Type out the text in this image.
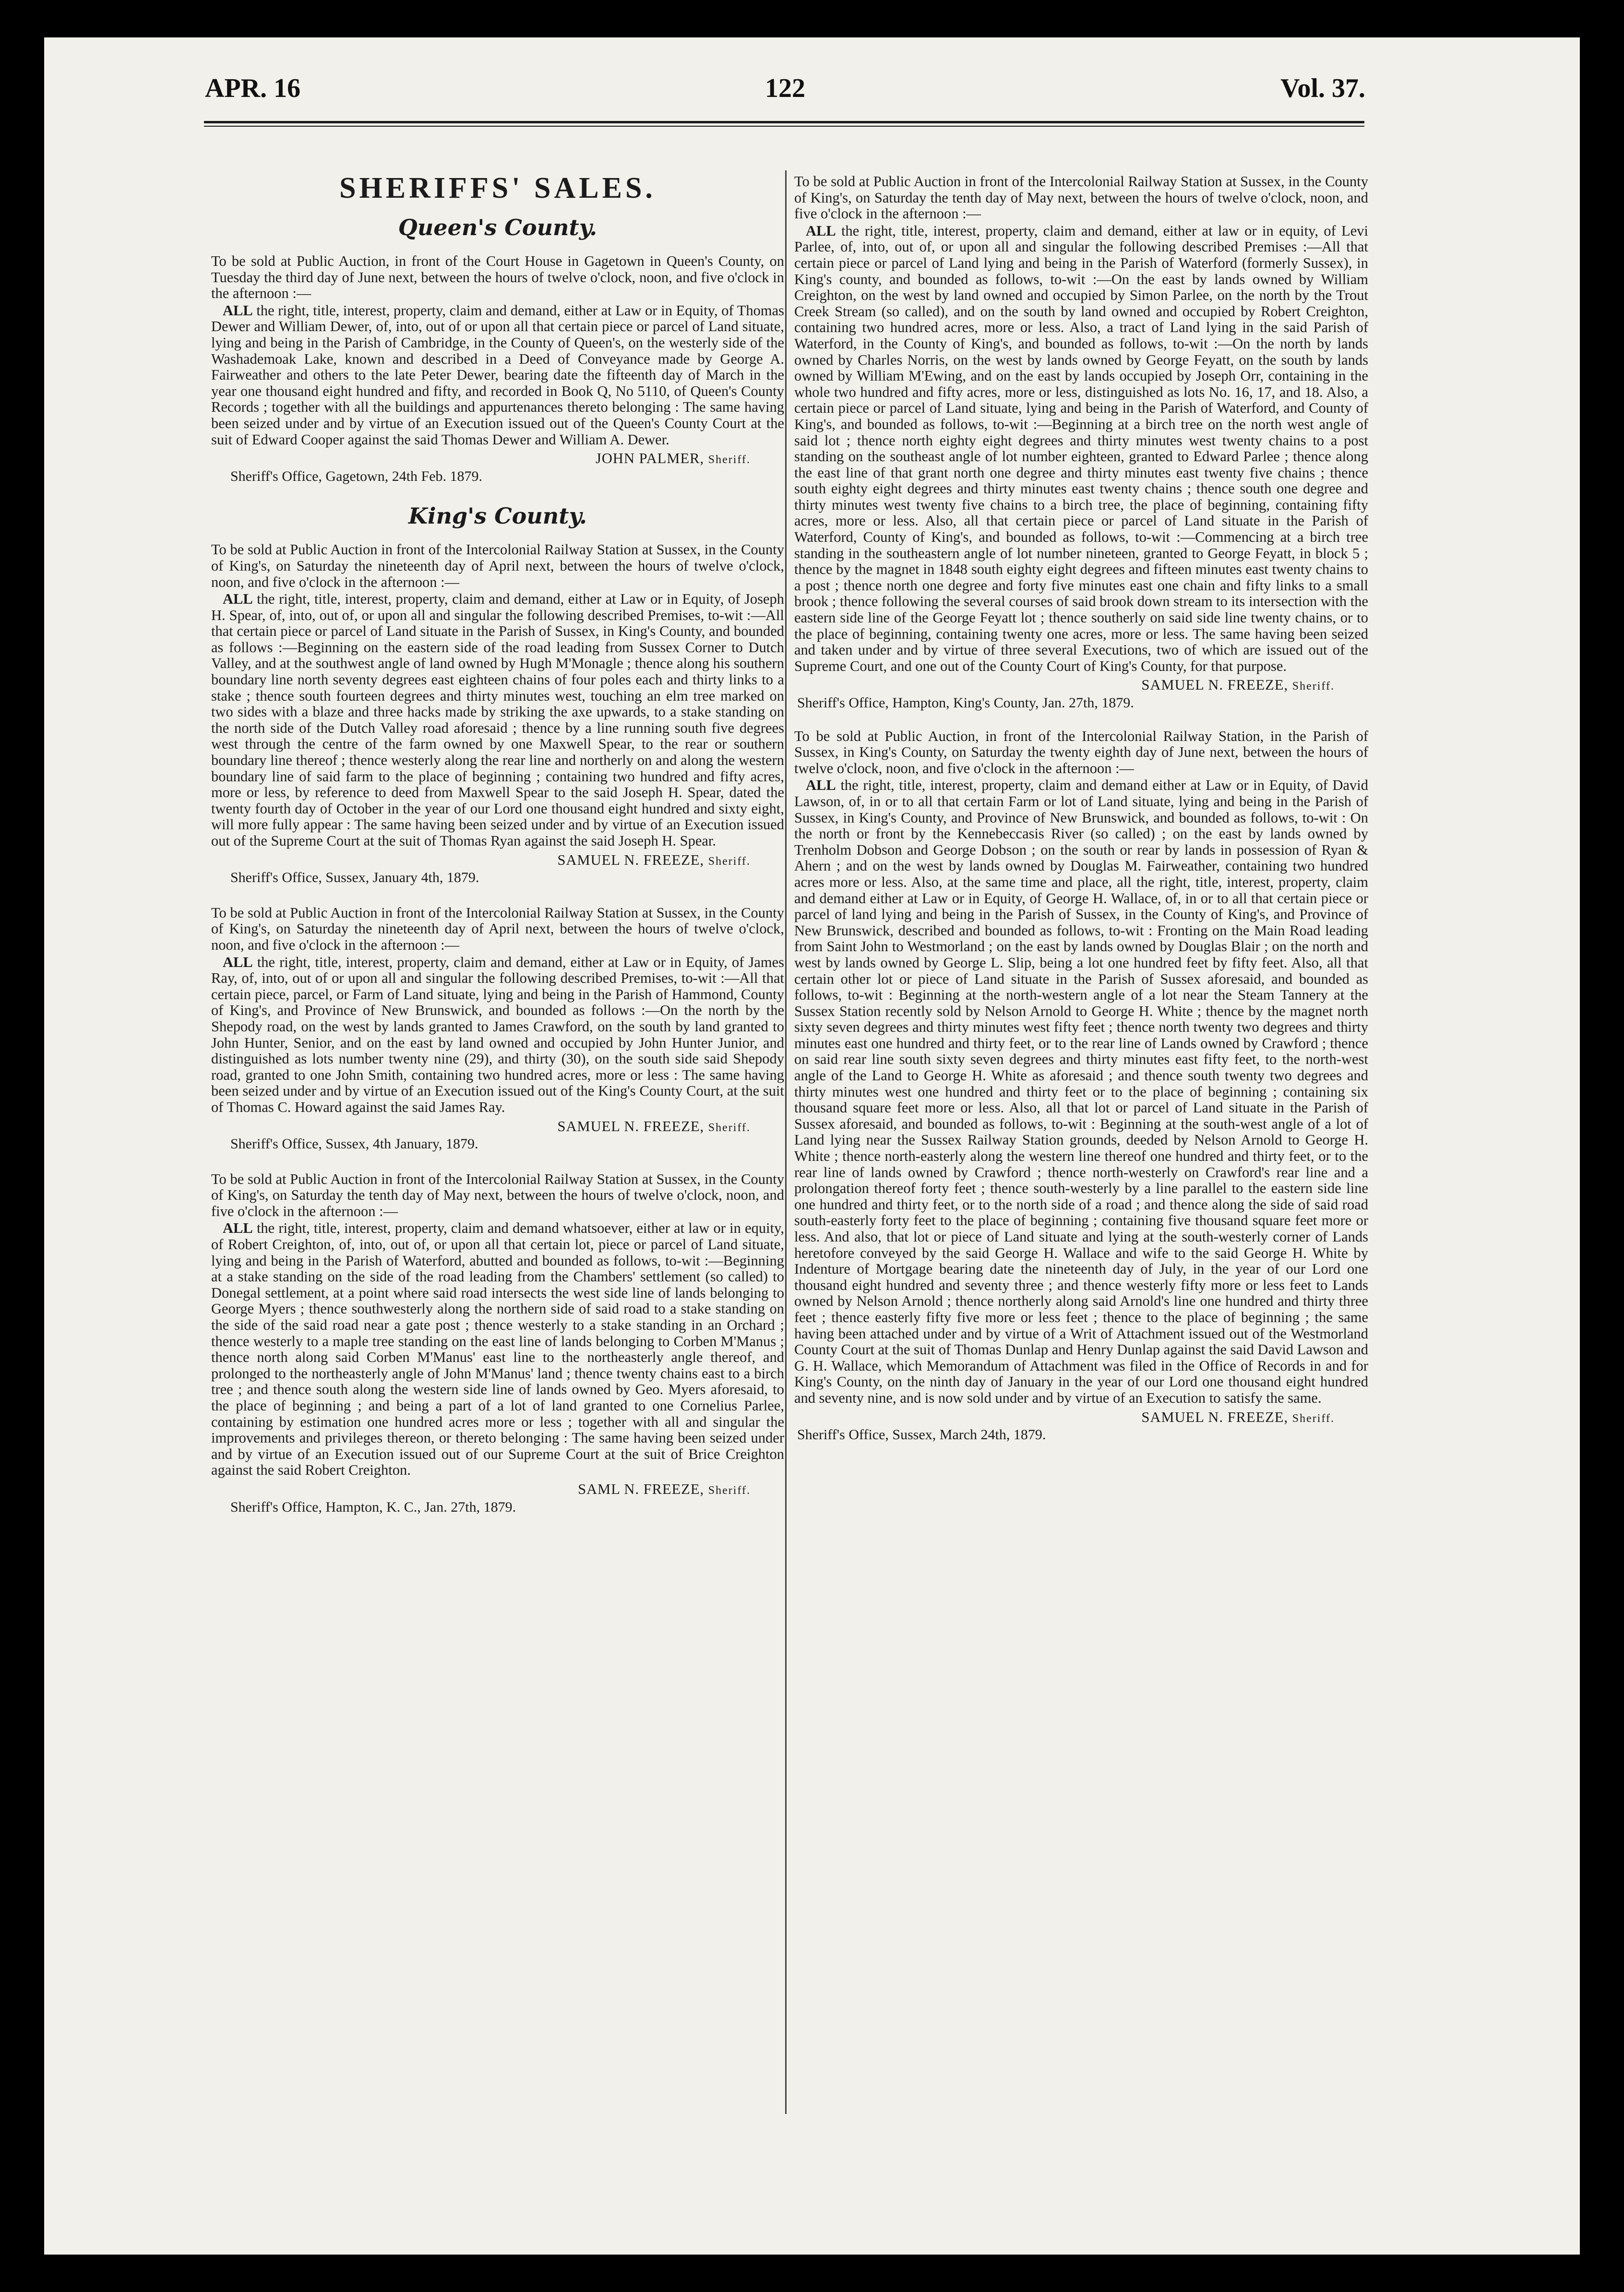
APR. 16	122	Vol. 37.
SHERIFFS' SALES.
Queen's County.
To be sold at Public Auction, in front of the Court House in Gagetown in Queen's County, on Tuesday the third day of June next, between the hours of twelve o'clock, noon, and five o'clock in the afternoon :—
ALL the right, title, interest, property, claim and demand, either at Law or in Equity, of Thomas Dewer and William Dewer, of, into, out of or upon all that certain piece or parcel of Land situate, lying and being in the Parish of Cambridge, in the County of Queen's, on the westerly side of the Washademoak Lake, known and described in a Deed of Conveyance made by George A. Fairweather and others to the late Peter Dewer, bearing date the fifteenth day of March in the year one thousand eight hundred and fifty, and recorded in Book Q, No 5110, of Queen's County Records ; together with all the buildings and appurtenances thereto belonging : The same having been seized under and by virtue of an Execution issued out of the Queen's County Court at the suit of Edward Cooper against the said Thomas Dewer and William A. Dewer.
JOHN PALMER, Sheriff.
Sheriff's Office, Gagetown, 24th Feb. 1879.
King's County.
To be sold at Public Auction in front of the Intercolonial Railway Station at Sussex, in the County of King's, on Saturday the nineteenth day of April next, between the hours of twelve o'clock, noon, and five o'clock in the afternoon :—
ALL the right, title, interest, property, claim and demand, either at Law or in Equity, of Joseph H. Spear, of, into, out of, or upon all and singular the following described Premises, to-wit :—All that certain piece or parcel of Land situate in the Parish of Sussex, in King's County, and bounded as follows :—Beginning on the eastern side of the road leading from Sussex Corner to Dutch Valley, and at the southwest angle of land owned by Hugh M'Monagle ; thence along his southern boundary line north seventy degrees east eighteen chains of four poles each and thirty links to a stake ; thence south fourteen degrees and thirty minutes west, touching an elm tree marked on two sides with a blaze and three hacks made by striking the axe upwards, to a stake standing on the north side of the Dutch Valley road aforesaid ; thence by a line running south five degrees west through the centre of the farm owned by one Maxwell Spear, to the rear or southern boundary line thereof ; thence westerly along the rear line and northerly on and along the western boundary line of said farm to the place of beginning ; containing two hundred and fifty acres, more or less, by reference to deed from Maxwell Spear to the said Joseph H. Spear, dated the twenty fourth day of October in the year of our Lord one thousand eight hundred and sixty eight, will more fully appear : The same having been seized under and by virtue of an Execution issued out of the Supreme Court at the suit of Thomas Ryan against the said Joseph H. Spear.
SAMUEL N. FREEZE, Sheriff.
Sheriff's Office, Sussex, January 4th, 1879.
To be sold at Public Auction in front of the Intercolonial Railway Station at Sussex, in the County of King's, on Saturday the nineteenth day of April next, between the hours of twelve o'clock, noon, and five o'clock in the afternoon :—
ALL the right, title, interest, property, claim and demand, either at Law or in Equity, of James Ray, of, into, out of or upon all and singular the following described Premises, to-wit :—All that certain piece, parcel, or Farm of Land situate, lying and being in the Parish of Hammond, County of King's, and Province of New Brunswick, and bounded as follows :—On the north by the Shepody road, on the west by lands granted to James Crawford, on the south by land granted to John Hunter, Senior, and on the east by land owned and occupied by John Hunter Junior, and distinguished as lots number twenty nine (29), and thirty (30), on the south side said Shepody road, granted to one John Smith, containing two hundred acres, more or less : The same having been seized under and by virtue of an Execution issued out of the King's County Court, at the suit of Thomas C. Howard against the said James Ray.
SAMUEL N. FREEZE, Sheriff.
Sheriff's Office, Sussex, 4th January, 1879.
To be sold at Public Auction in front of the Intercolonial Railway Station at Sussex, in the County of King's, on Saturday the tenth day of May next, between the hours of twelve o'clock, noon, and five o'clock in the afternoon :—
ALL the right, title, interest, property, claim and demand whatsoever, either at law or in equity, of Robert Creighton, of, into, out of, or upon all that certain lot, piece or parcel of Land situate, lying and being in the Parish of Waterford, abutted and bounded as follows, to-wit :—Beginning at a stake standing on the side of the road leading from the Chambers' settlement (so called) to Donegal settlement, at a point where said road intersects the west side line of lands belonging to George Myers ; thence southwesterly along the northern side of said road to a stake standing on the side of the said road near a gate post ; thence westerly to a stake standing in an Orchard ; thence westerly to a maple tree standing on the east line of lands belonging to Corben M'Manus ; thence north along said Corben M'Manus' east line to the northeasterly angle thereof, and prolonged to the northeasterly angle of John M'Manus' land ; thence twenty chains east to a birch tree ; and thence south along the western side line of lands owned by Geo. Myers aforesaid, to the place of beginning ; and being a part of a lot of land granted to one Cornelius Parlee, containing by estimation one hundred acres more or less ; together with all and singular the improvements and privileges thereon, or thereto belonging : The same having been seized under and by virtue of an Execution issued out of our Supreme Court at the suit of Brice Creighton against the said Robert Creighton.
SAML N. FREEZE, Sheriff.
Sheriff's Office, Hampton, K. C., Jan. 27th, 1879.
To be sold at Public Auction in front of the Intercolonial Railway Station at Sussex, in the County of King's, on Saturday the tenth day of May next, between the hours of twelve o'clock, noon, and five o'clock in the afternoon :—
ALL the right, title, interest, property, claim and demand, either at law or in equity, of Levi Parlee, of, into, out of, or upon all and singular the following described Premises :—All that certain piece or parcel of Land lying and being in the Parish of Waterford (formerly Sussex), in King's county, and bounded as follows, to-wit :—On the east by lands owned by William Creighton, on the west by land owned and occupied by Simon Parlee, on the north by the Trout Creek Stream (so called), and on the south by land owned and occupied by Robert Creighton, containing two hundred acres, more or less. Also, a tract of Land lying in the said Parish of Waterford, in the County of King's, and bounded as follows, to-wit :—On the north by lands owned by Charles Norris, on the west by lands owned by George Feyatt, on the south by lands owned by William M'Ewing, and on the east by lands occupied by Joseph Orr, containing in the whole two hundred and fifty acres, more or less, distinguished as lots No. 16, 17, and 18. Also, a certain piece or parcel of Land situate, lying and being in the Parish of Waterford, and County of King's, and bounded as follows, to-wit :—Beginning at a birch tree on the north west angle of said lot ; thence north eighty eight degrees and thirty minutes west twenty chains to a post standing on the southeast angle of lot number eighteen, granted to Edward Parlee ; thence along the east line of that grant north one degree and thirty minutes east twenty five chains ; thence south eighty eight degrees and thirty minutes east twenty chains ; thence south one degree and thirty minutes west twenty five chains to a birch tree, the place of beginning, containing fifty acres, more or less. Also, all that certain piece or parcel of Land situate in the Parish of Waterford, County of King's, and bounded as follows, to-wit :—Commencing at a birch tree standing in the southeastern angle of lot number nineteen, granted to George Feyatt, in block 5 ; thence by the magnet in 1848 south eighty eight degrees and fifteen minutes east twenty chains to a post ; thence north one degree and forty five minutes east one chain and fifty links to a small brook ; thence following the several courses of said brook down stream to its intersection with the eastern side line of the George Feyatt lot ; thence southerly on said side line twenty chains, or to the place of beginning, containing twenty one acres, more or less. The same having been seized and taken under and by virtue of three several Executions, two of which are issued out of the Supreme Court, and one out of the County Court of King's County, for that purpose.
SAMUEL N. FREEZE, Sheriff.
Sheriff's Office, Hampton, King's County, Jan. 27th, 1879.
To be sold at Public Auction, in front of the Intercolonial Railway Station, in the Parish of Sussex, in King's County, on Saturday the twenty eighth day of June next, between the hours of twelve o'clock, noon, and five o'clock in the afternoon :—
ALL the right, title, interest, property, claim and demand either at Law or in Equity, of David Lawson, of, in or to all that certain Farm or lot of Land situate, lying and being in the Parish of Sussex, in King's County, and Province of New Brunswick, and bounded as follows, to-wit : On the north or front by the Kennebeccasis River (so called) ; on the east by lands owned by Trenholm Dobson and George Dobson ; on the south or rear by lands in possession of Ryan & Ahern ; and on the west by lands owned by Douglas M. Fairweather, containing two hundred acres more or less. Also, at the same time and place, all the right, title, interest, property, claim and demand either at Law or in Equity, of George H. Wallace, of, in or to all that certain piece or parcel of land lying and being in the Parish of Sussex, in the County of King's, and Province of New Brunswick, described and bounded as follows, to-wit : Fronting on the Main Road leading from Saint John to Westmorland ; on the east by lands owned by Douglas Blair ; on the north and west by lands owned by George L. Slip, being a lot one hundred feet by fifty feet. Also, all that certain other lot or piece of Land situate in the Parish of Sussex aforesaid, and bounded as follows, to-wit : Beginning at the north-western angle of a lot near the Steam Tannery at the Sussex Station recently sold by Nelson Arnold to George H. White ; thence by the magnet north sixty seven degrees and thirty minutes west fifty feet ; thence north twenty two degrees and thirty minutes east one hundred and thirty feet, or to the rear line of Lands owned by Crawford ; thence on said rear line south sixty seven degrees and thirty minutes east fifty feet, to the north-west angle of the Land to George H. White as aforesaid ; and thence south twenty two degrees and thirty minutes west one hundred and thirty feet or to the place of beginning ; containing six thousand square feet more or less. Also, all that lot or parcel of Land situate in the Parish of Sussex aforesaid, and bounded as follows, to-wit : Beginning at the south-west angle of a lot of Land lying near the Sussex Railway Station grounds, deeded by Nelson Arnold to George H. White ; thence north-easterly along the western line thereof one hundred and thirty feet, or to the rear line of lands owned by Crawford ; thence north-westerly on Crawford's rear line and a prolongation thereof forty feet ; thence south-westerly by a line parallel to the eastern side line one hundred and thirty feet, or to the north side of a road ; and thence along the side of said road south-easterly forty feet to the place of beginning ; containing five thousand square feet more or less. And also, that lot or piece of Land situate and lying at the south-westerly corner of Lands heretofore conveyed by the said George H. Wallace and wife to the said George H. White by Indenture of Mortgage bearing date the nineteenth day of July, in the year of our Lord one thousand eight hundred and seventy three ; and thence westerly fifty more or less feet to Lands owned by Nelson Arnold ; thence northerly along said Arnold's line one hundred and thirty three feet ; thence easterly fifty five more or less feet ; thence to the place of beginning ; the same having been attached under and by virtue of a Writ of Attachment issued out of the Westmorland County Court at the suit of Thomas Dunlap and Henry Dunlap against the said David Lawson and G. H. Wallace, which Memorandum of Attachment was filed in the Office of Records in and for King's County, on the ninth day of January in the year of our Lord one thousand eight hundred and seventy nine, and is now sold under and by virtue of an Execution to satisfy the same.
SAMUEL N. FREEZE, Sheriff.
Sheriff's Office, Sussex, March 24th, 1879.
